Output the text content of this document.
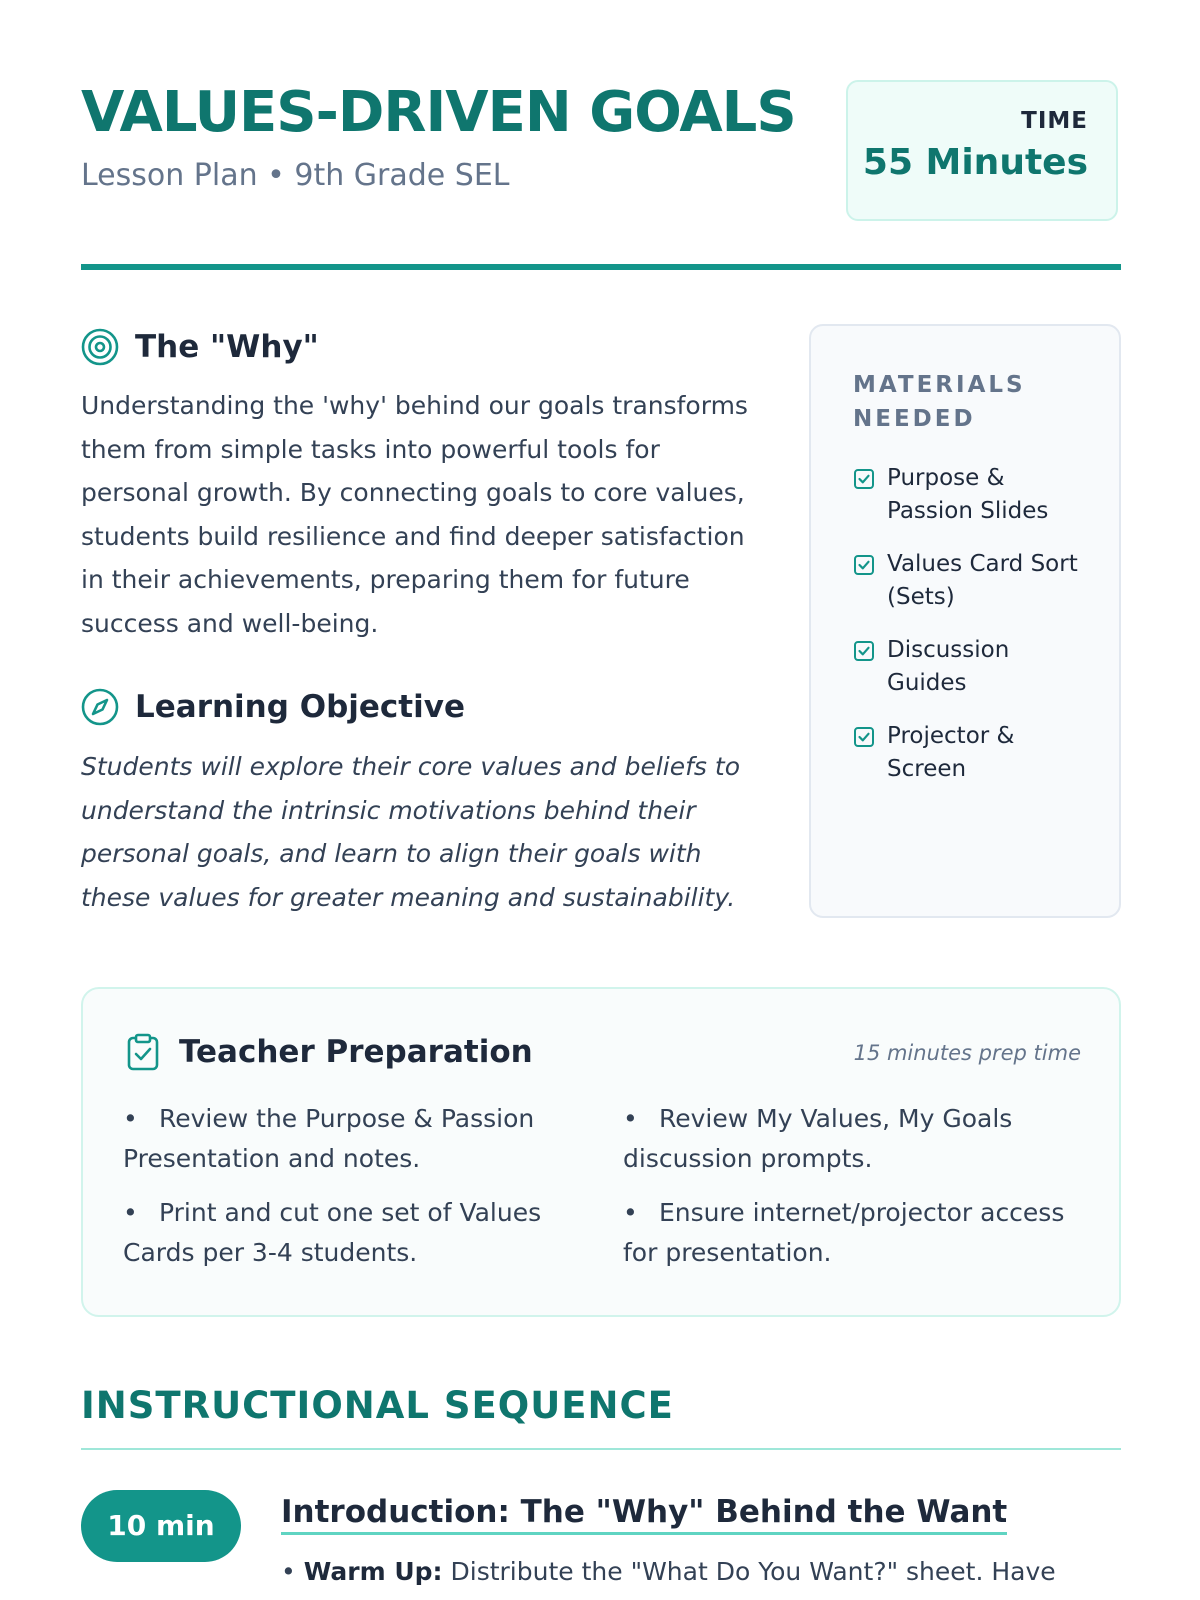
VALUES-DRIVEN GOALS
Lesson Plan • 9th Grade SEL
TIME
55 Minutes
The "Why"
Understanding the 'why' behind our goals transforms them from simple tasks into powerful tools for personal growth. By connecting goals to core values, students build resilience and find deeper satisfaction in their achievements, preparing them for future success and well-being.
Learning Objective
Students will explore their core values and beliefs to understand the intrinsic motivations behind their personal goals, and learn to align their goals with these values for greater meaning and sustainability.
MATERIALS NEEDED
Purpose & Passion Slides
Values Card Sort (Sets)
Discussion Guides
Projector & Screen
Teacher Preparation	15 minutes prep time
• Review the Purpose & Passion Presentation and notes.
• Review My Values, My Goals discussion prompts.
• Print and cut one set of Values Cards per 3-4 students.
• Ensure internet/projector access for presentation.
INSTRUCTIONAL SEQUENCE
10 min	Introduction: The "Why" Behind the Want
• Warm Up: Distribute the "What Do You Want?" sheet. Have
